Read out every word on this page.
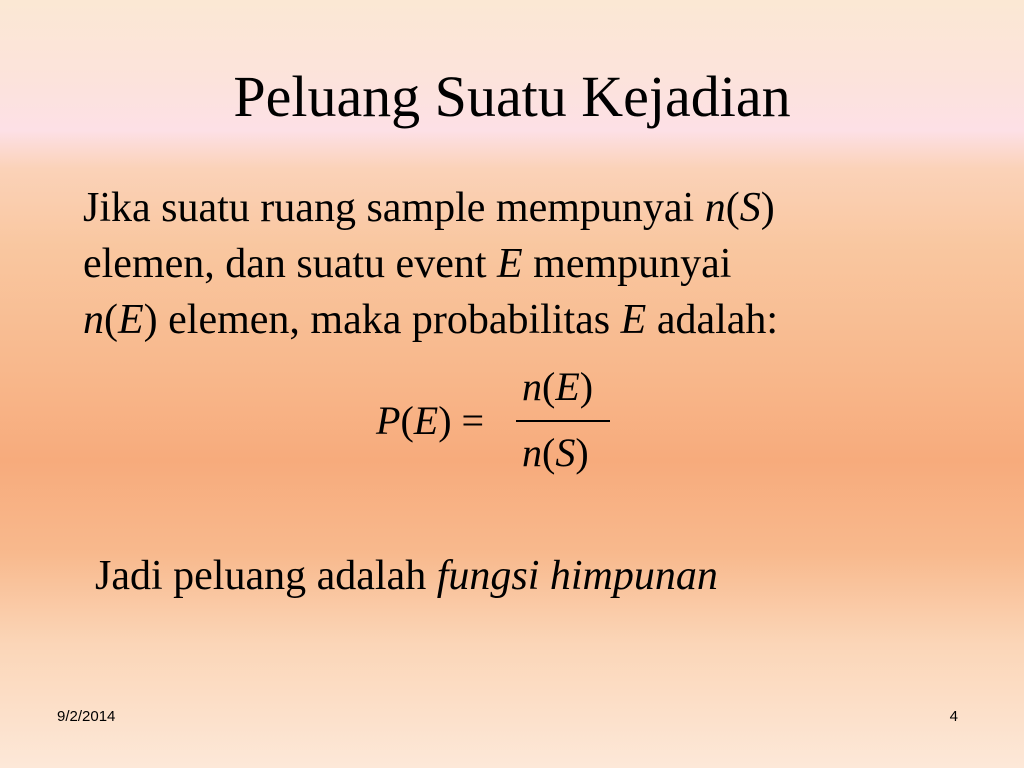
Peluang Suatu Kejadian

Jika suatu ruang sample mempunyai n(S)
elemen, dan suatu event E mempunyai
n(E) elemen, maka probabilitas E adalah:

P(E) =
n(E)
n(S)

Jadi peluang adalah fungsi himpunan

9/2/2014	4
